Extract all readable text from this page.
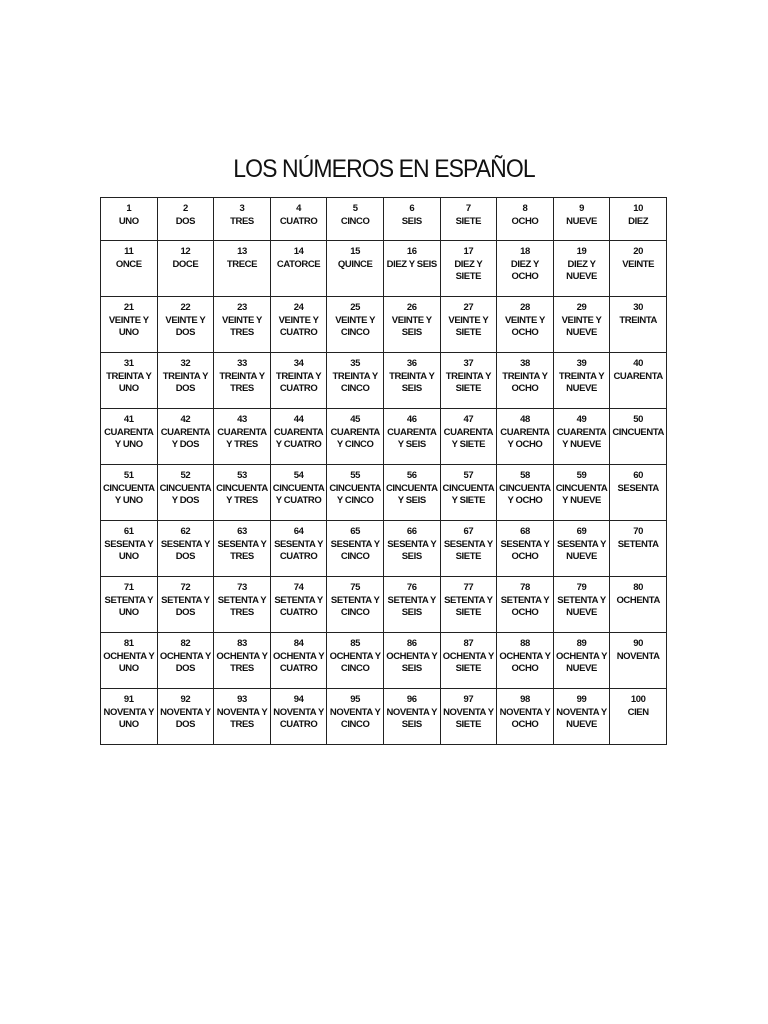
LOS NÚMEROS EN ESPAÑOL
1
UNO	2
DOS	3
TRES	4
CUATRO	5
CINCO	6
SEIS	7
SIETE	8
OCHO	9
NUEVE	10
DIEZ

11
ONCE	12
DOCE	13
TRECE	14
CATORCE	15
QUINCE	16
DIEZ Y SEIS	17
DIEZ Y
SIETE	18
DIEZ Y
OCHO	19
DIEZ Y
NUEVE	20
VEINTE

21
VEINTE Y
UNO	22
VEINTE Y
DOS	23
VEINTE Y
TRES	24
VEINTE Y
CUATRO	25
VEINTE Y
CINCO	26
VEINTE Y
SEIS	27
VEINTE Y
SIETE	28
VEINTE Y
OCHO	29
VEINTE Y
NUEVE	30
TREINTA

31
TREINTA Y
UNO	32
TREINTA Y
DOS	33
TREINTA Y
TRES	34
TREINTA Y
CUATRO	35
TREINTA Y
CINCO	36
TREINTA Y
SEIS	37
TREINTA Y
SIETE	38
TREINTA Y
OCHO	39
TREINTA Y
NUEVE	40
CUARENTA

41
CUARENTA
Y UNO	42
CUARENTA
Y DOS	43
CUARENTA
Y TRES	44
CUARENTA
Y CUATRO	45
CUARENTA
Y CINCO	46
CUARENTA
Y SEIS	47
CUARENTA
Y SIETE	48
CUARENTA
Y OCHO	49
CUARENTA
Y NUEVE	50
CINCUENTA

51
CINCUENTA
Y UNO	52
CINCUENTA
Y DOS	53
CINCUENTA
Y TRES	54
CINCUENTA
Y CUATRO	55
CINCUENTA
Y CINCO	56
CINCUENTA
Y SEIS	57
CINCUENTA
Y SIETE	58
CINCUENTA
Y OCHO	59
CINCUENTA
Y NUEVE	60
SESENTA

61
SESENTA Y
UNO	62
SESENTA Y
DOS	63
SESENTA Y
TRES	64
SESENTA Y
CUATRO	65
SESENTA Y
CINCO	66
SESENTA Y
SEIS	67
SESENTA Y
SIETE	68
SESENTA Y
OCHO	69
SESENTA Y
NUEVE	70
SETENTA

71
SETENTA Y
UNO	72
SETENTA Y
DOS	73
SETENTA Y
TRES	74
SETENTA Y
CUATRO	75
SETENTA Y
CINCO	76
SETENTA Y
SEIS	77
SETENTA Y
SIETE	78
SETENTA Y
OCHO	79
SETENTA Y
NUEVE	80
OCHENTA

81
OCHENTA Y
UNO	82
OCHENTA Y
DOS	83
OCHENTA Y
TRES	84
OCHENTA Y
CUATRO	85
OCHENTA Y
CINCO	86
OCHENTA Y
SEIS	87
OCHENTA Y
SIETE	88
OCHENTA Y
OCHO	89
OCHENTA Y
NUEVE	90
NOVENTA

91
NOVENTA Y
UNO	92
NOVENTA Y
DOS	93
NOVENTA Y
TRES	94
NOVENTA Y
CUATRO	95
NOVENTA Y
CINCO	96
NOVENTA Y
SEIS	97
NOVENTA Y
SIETE	98
NOVENTA Y
OCHO	99
NOVENTA Y
NUEVE	100
CIEN
